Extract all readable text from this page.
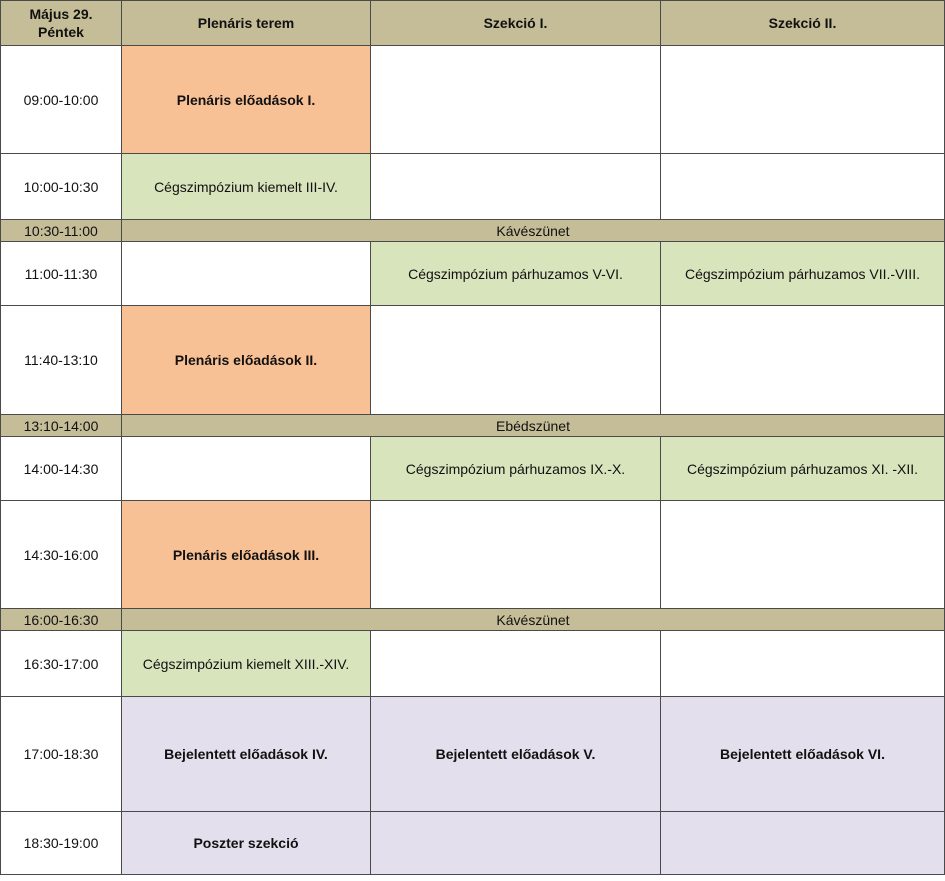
Május 29.
Péntek	Plenáris terem	Szekció I.	Szekció II.
09:00-10:00	Plenáris előadások I.		
10:00-10:30	Cégszimpózium kiemelt III-IV.		
10:30-11:00	Kávészünet		
11:00-11:30		Cégszimpózium párhuzamos V-VI.	Cégszimpózium párhuzamos VII.-VIII.
11:40-13:10	Plenáris előadások II.		
13:10-14:00	Ebédszünet		
14:00-14:30		Cégszimpózium párhuzamos IX.-X.	Cégszimpózium párhuzamos XI. -XII.
14:30-16:00	Plenáris előadások III.		
16:00-16:30	Kávészünet		
16:30-17:00	Cégszimpózium kiemelt XIII.-XIV.		
17:00-18:30	Bejelentett előadások IV.	Bejelentett előadások V.	Bejelentett előadások VI.
18:30-19:00	Poszter szekció		
